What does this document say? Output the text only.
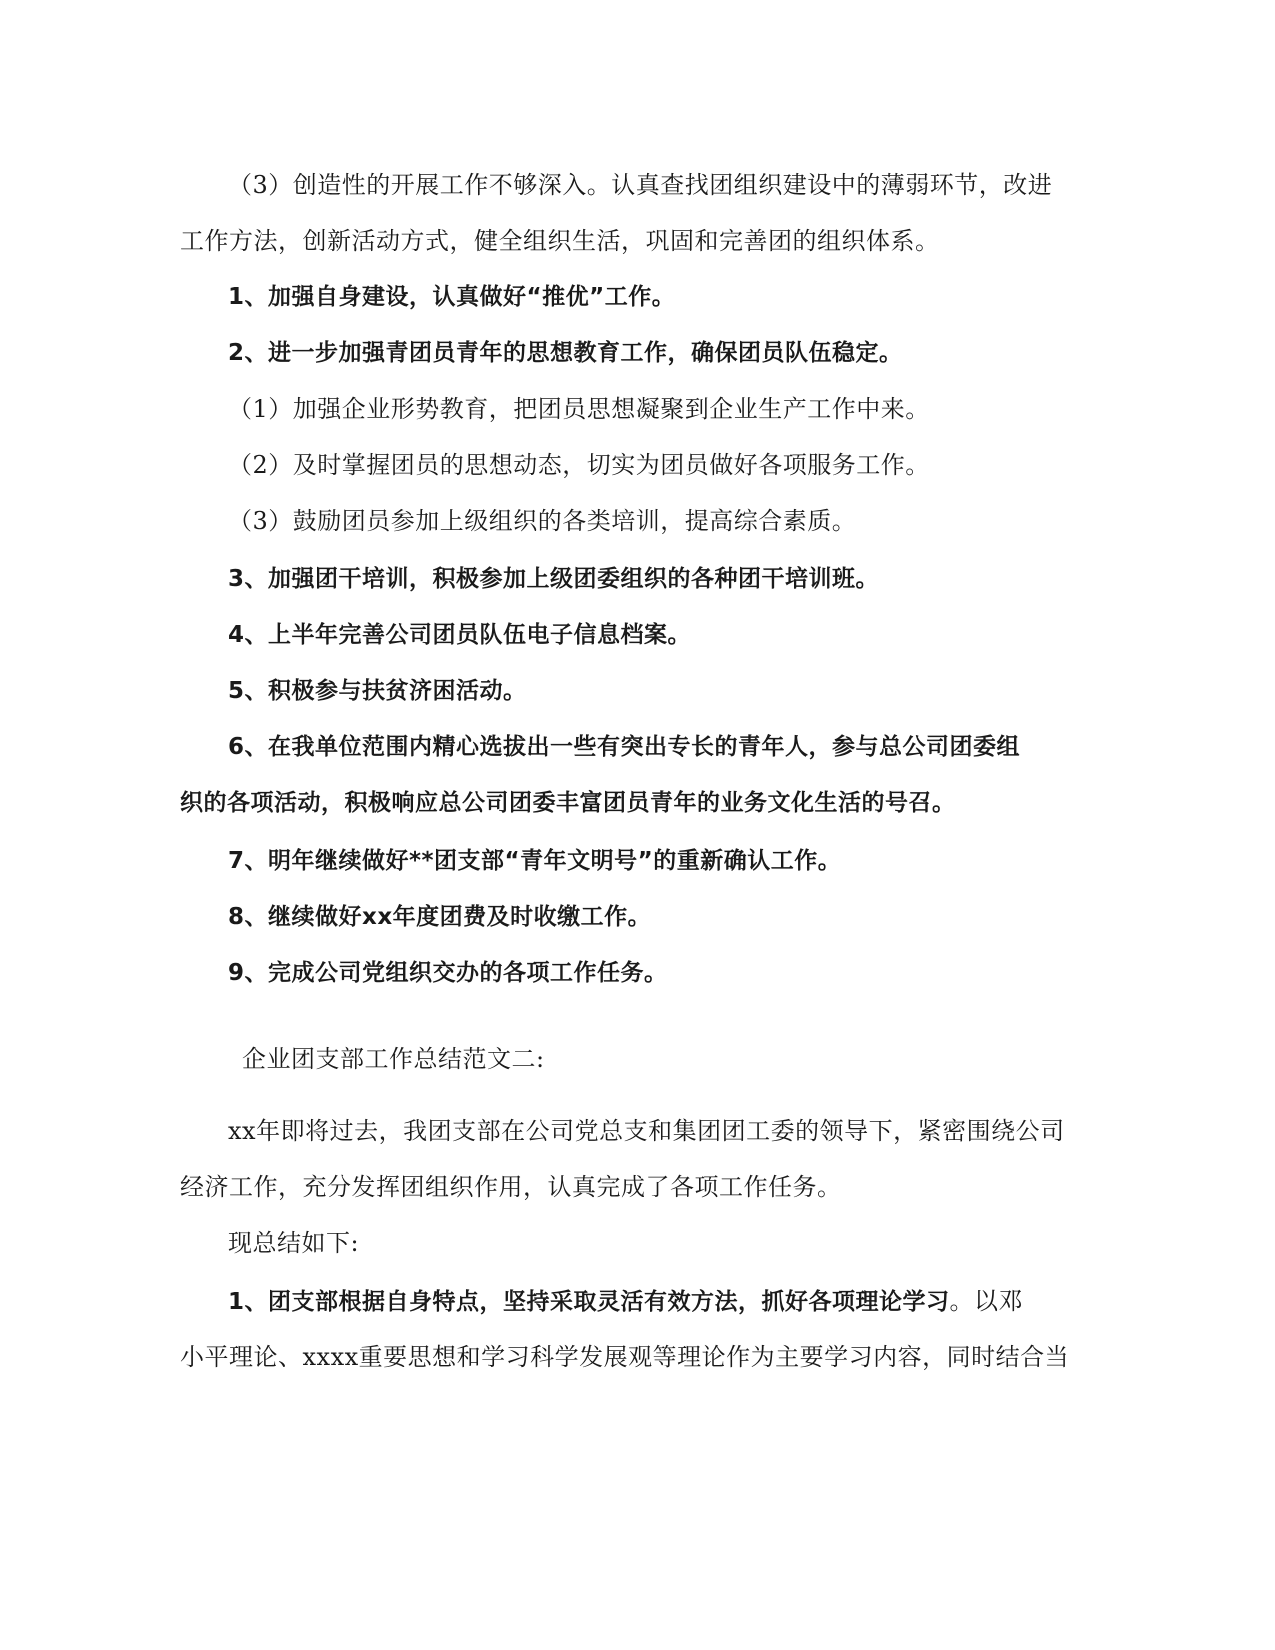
（3）创造性的开展工作不够深入。认真查找团组织建设中的薄弱环节，改进
工作方法，创新活动方式，健全组织生活，巩固和完善团的组织体系。
1、加强自身建设，认真做好“推优”工作。
2、进一步加强青团员青年的思想教育工作，确保团员队伍稳定。
（1）加强企业形势教育，把团员思想凝聚到企业生产工作中来。
（2）及时掌握团员的思想动态，切实为团员做好各项服务工作。
（3）鼓励团员参加上级组织的各类培训，提高综合素质。
3、加强团干培训，积极参加上级团委组织的各种团干培训班。
4、上半年完善公司团员队伍电子信息档案。
5、积极参与扶贫济困活动。
6、在我单位范围内精心选拔出一些有突出专长的青年人，参与总公司团委组
织的各项活动，积极响应总公司团委丰富团员青年的业务文化生活的号召。
7、明年继续做好**团支部“青年文明号”的重新确认工作。
8、继续做好xx年度团费及时收缴工作。
9、完成公司党组织交办的各项工作任务。
企业团支部工作总结范文二:
xx年即将过去，我团支部在公司党总支和集团团工委的领导下，紧密围绕公司
经济工作，充分发挥团组织作用，认真完成了各项工作任务。
现总结如下:
1、团支部根据自身特点，坚持采取灵活有效方法，抓好各项理论学习。以邓
小平理论、xxxx重要思想和学习科学发展观等理论作为主要学习内容，同时结合当
